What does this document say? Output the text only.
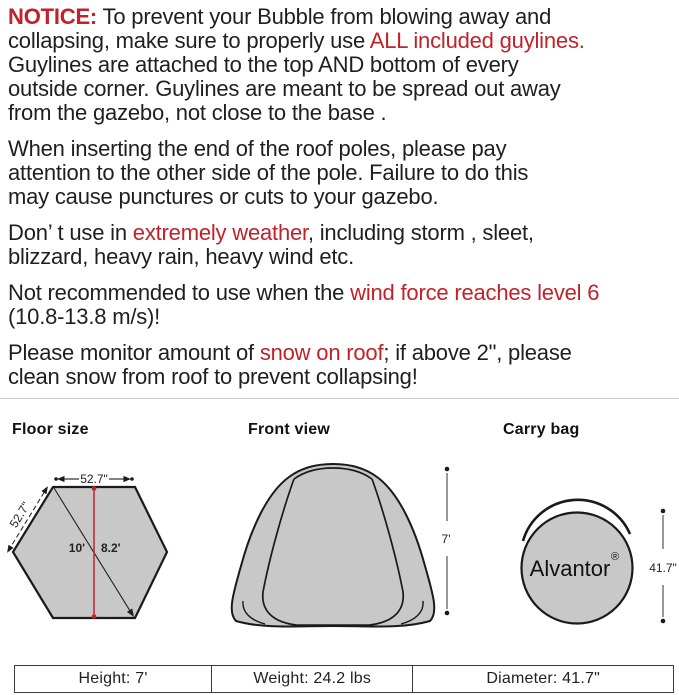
NOTICE: To prevent your Bubble from blowing away and
collapsing, make sure to properly use ALL included guylines.
Guylines are attached to the top AND bottom of every
outside corner. Guylines are meant to be spread out away
from the gazebo, not close to the base .
When inserting the end of the roof poles, please pay
attention to the other side of the pole. Failure to do this
may cause punctures or cuts to your gazebo.
Don’ t use in extremely weather, including storm , sleet,
blizzard, heavy rain, heavy wind etc.
Not recommended to use when the wind force reaches level 6
(10.8-13.8 m/s)!
Please monitor amount of snow on roof; if above 2", please
clean snow from roof to prevent collapsing!
Floor size	Front view	Carry bag
52.7"
52.7"
10' 8.2'
7'
Alvantor ®
41.7"
Height: 7'	Weight: 24.2 lbs	Diameter: 41.7"
